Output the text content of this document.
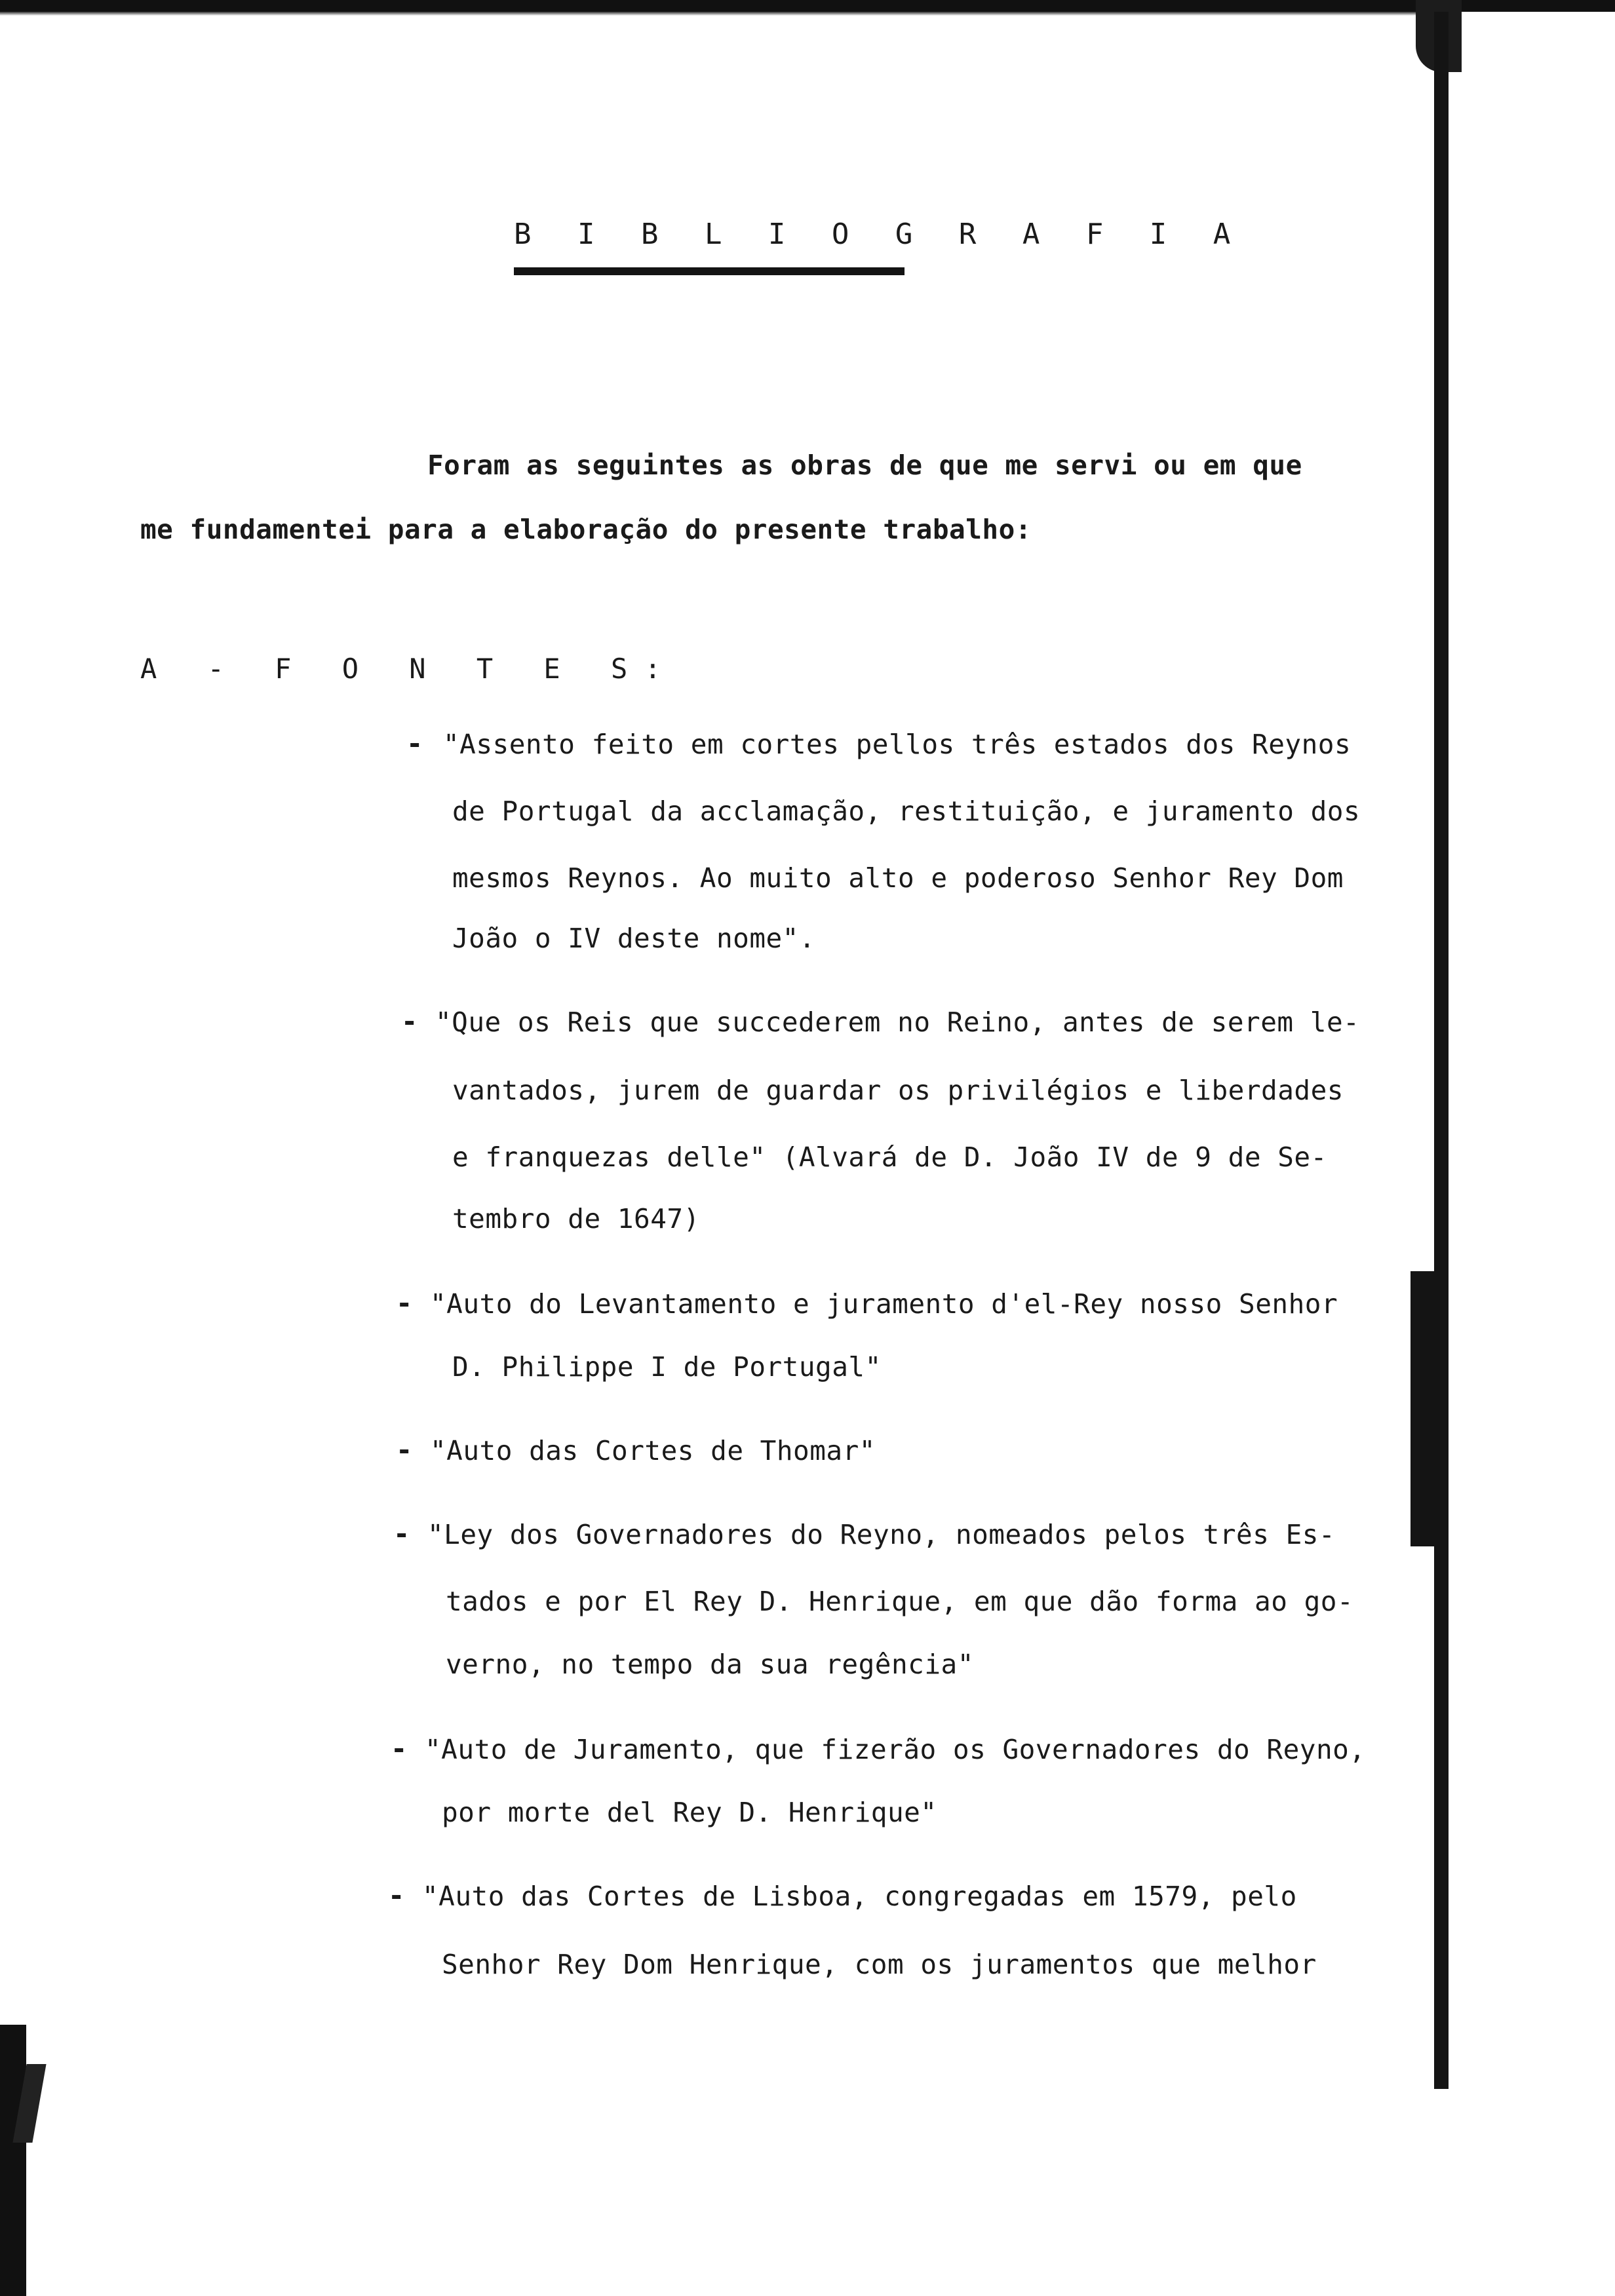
B I B L I O G R A F I A
Foram as seguintes as obras de que me servi ou em que
me fundamentei para a elaboração do presente trabalho:
A - F O N T E S:
- "Assento feito em cortes pellos três estados dos Reynos
de Portugal da acclamação, restituição, e juramento dos
mesmos Reynos. Ao muito alto e poderoso Senhor Rey Dom
João o IV deste nome".
- "Que os Reis que succederem no Reino, antes de serem le-
vantados, jurem de guardar os privilégios e liberdades
e franquezas delle" (Alvará de D. João IV de 9 de Se-
tembro de 1647)
- "Auto do Levantamento e juramento d'el-Rey nosso Senhor
D. Philippe I de Portugal"
- "Auto das Cortes de Thomar"
- "Ley dos Governadores do Reyno, nomeados pelos três Es-
tados e por El Rey D. Henrique, em que dão forma ao go-
verno, no tempo da sua regência"
- "Auto de Juramento, que fizerão os Governadores do Reyno,
por morte del Rey D. Henrique"
- "Auto das Cortes de Lisboa, congregadas em 1579, pelo
Senhor Rey Dom Henrique, com os juramentos que melhor
